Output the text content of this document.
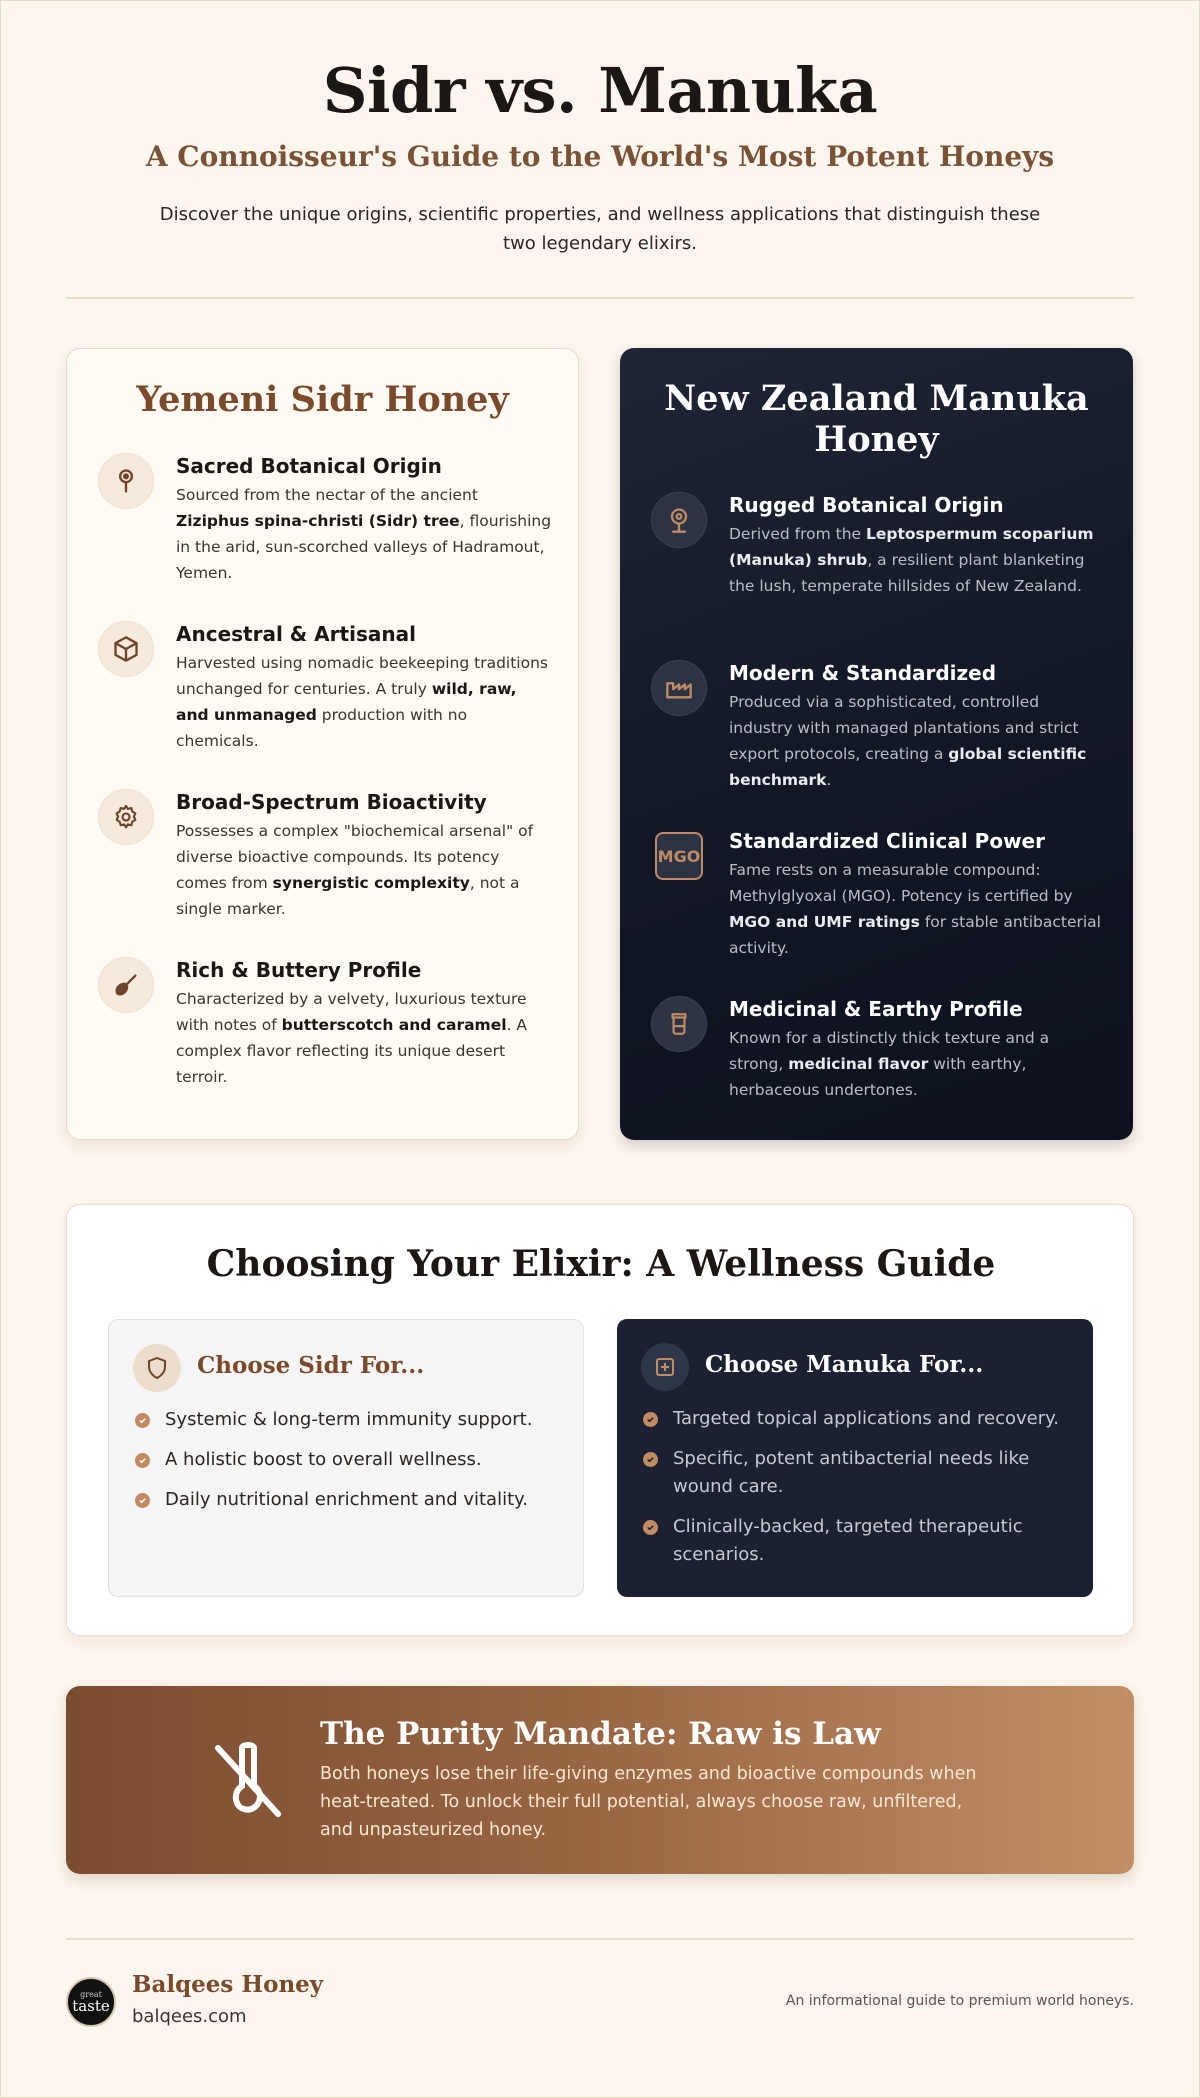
Sidr vs. Manuka
A Connoisseur's Guide to the World's Most Potent Honeys

Discover the unique origins, scientific properties, and wellness applications that distinguish these two legendary elixirs.

Yemeni Sidr Honey
Sacred Botanical Origin
Sourced from the nectar of the ancient Ziziphus spina-christi (Sidr) tree, flourishing in the arid, sun-scorched valleys of Hadramout, Yemen.
Ancestral & Artisanal
Harvested using nomadic beekeeping traditions unchanged for centuries. A truly wild, raw, and unmanaged production with no chemicals.
Broad-Spectrum Bioactivity
Possesses a complex "biochemical arsenal" of diverse bioactive compounds. Its potency comes from synergistic complexity, not a single marker.
Rich & Buttery Profile
Characterized by a velvety, luxurious texture with notes of butterscotch and caramel. A complex flavor reflecting its unique desert terroir.
New Zealand Manuka Honey
Rugged Botanical Origin
Derived from the Leptospermum scoparium (Manuka) shrub, a resilient plant blanketing the lush, temperate hillsides of New Zealand.
Modern & Standardized
Produced via a sophisticated, controlled industry with managed plantations and strict export protocols, creating a global scientific benchmark.
MGO
Standardized Clinical Power
Fame rests on a measurable compound: Methylglyoxal (MGO). Potency is certified by MGO and UMF ratings for stable antibacterial activity.
Medicinal & Earthy Profile
Known for a distinctly thick texture and a strong, medicinal flavor with earthy, herbaceous undertones.
Choosing Your Elixir: A Wellness Guide
Choose Sidr For...
Systemic & long-term immunity support.
A holistic boost to overall wellness.
Daily nutritional enrichment and vitality.
Choose Manuka For...
Targeted topical applications and recovery.
Specific, potent antibacterial needs like wound care.
Clinically-backed, targeted therapeutic scenarios.
The Purity Mandate: Raw is Law

Both honeys lose their life-giving enzymes and bioactive compounds when heat-treated. To unlock their full potential, always choose raw, unfiltered, and unpasteurized honey.

great
taste
Balqees Honey
balqees.com
An informational guide to premium world honeys.
